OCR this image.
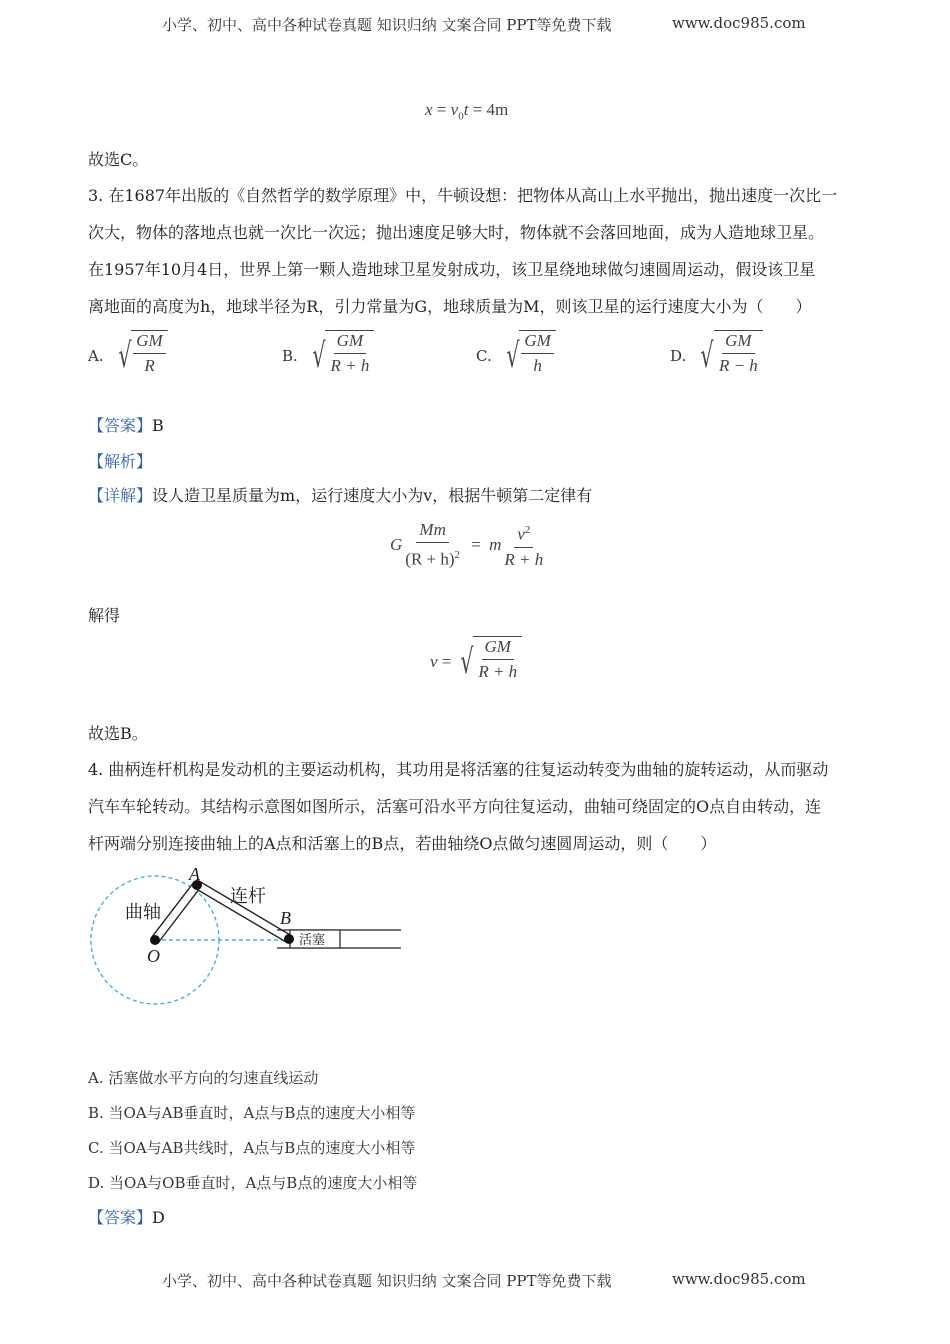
小学、初中、高中各种试卷真题 知识归纳 文案合同 PPT等免费下载	www.doc985.com
$x = v_0t = 4m$
故选C。
3. 在1687年出版的《自然哲学的数学原理》中，牛顿设想：把物体从高山上水平抛出，抛出速度一次比一
次大，物体的落地点也就一次比一次远；抛出速度足够大时，物体就不会落回地面，成为人造地球卫星。
在1957年10月4日，世界上第一颗人造地球卫星发射成功，该卫星绕地球做匀速圆周运动，假设该卫星
离地面的高度为h，地球半径为R，引力常量为G，地球质量为M，则该卫星的运行速度大小为（　　）
A. √ $\frac{GM}{R}$	B. √ $\frac{GM}{R + h}$	C. √ $\frac{GM}{h}$	D. √ $\frac{GM}{R - h}$
【答案】B
【解析】
【详解】设人造卫星质量为m，运行速度大小为v，根据牛顿第二定律有
G $\frac{Mm}{(R + h)^2} = m \frac{v^2}{R + h}$
解得
v = √ $\frac{GM}{R + h}$
故选B。
4. 曲柄连杆机构是发动机的主要运动机构，其功用是将活塞的往复运动转变为曲轴的旋转运动，从而驱动
汽车车轮转动。其结构示意图如图所示，活塞可沿水平方向往复运动，曲轴可绕固定的O点自由转动，连
杆两端分别连接曲轴上的A点和活塞上的B点，若曲轴绕O点做匀速圆周运动，则（　　）
曲轴
连杆
活塞
A
B
O
A. 活塞做水平方向的匀速直线运动
B. 当OA与AB垂直时，A点与B点的速度大小相等
C. 当OA与AB共线时，A点与B点的速度大小相等
D. 当OA与OB垂直时，A点与B点的速度大小相等
【答案】D
小学、初中、高中各种试卷真题 知识归纳 文案合同 PPT等免费下载	www.doc985.com
